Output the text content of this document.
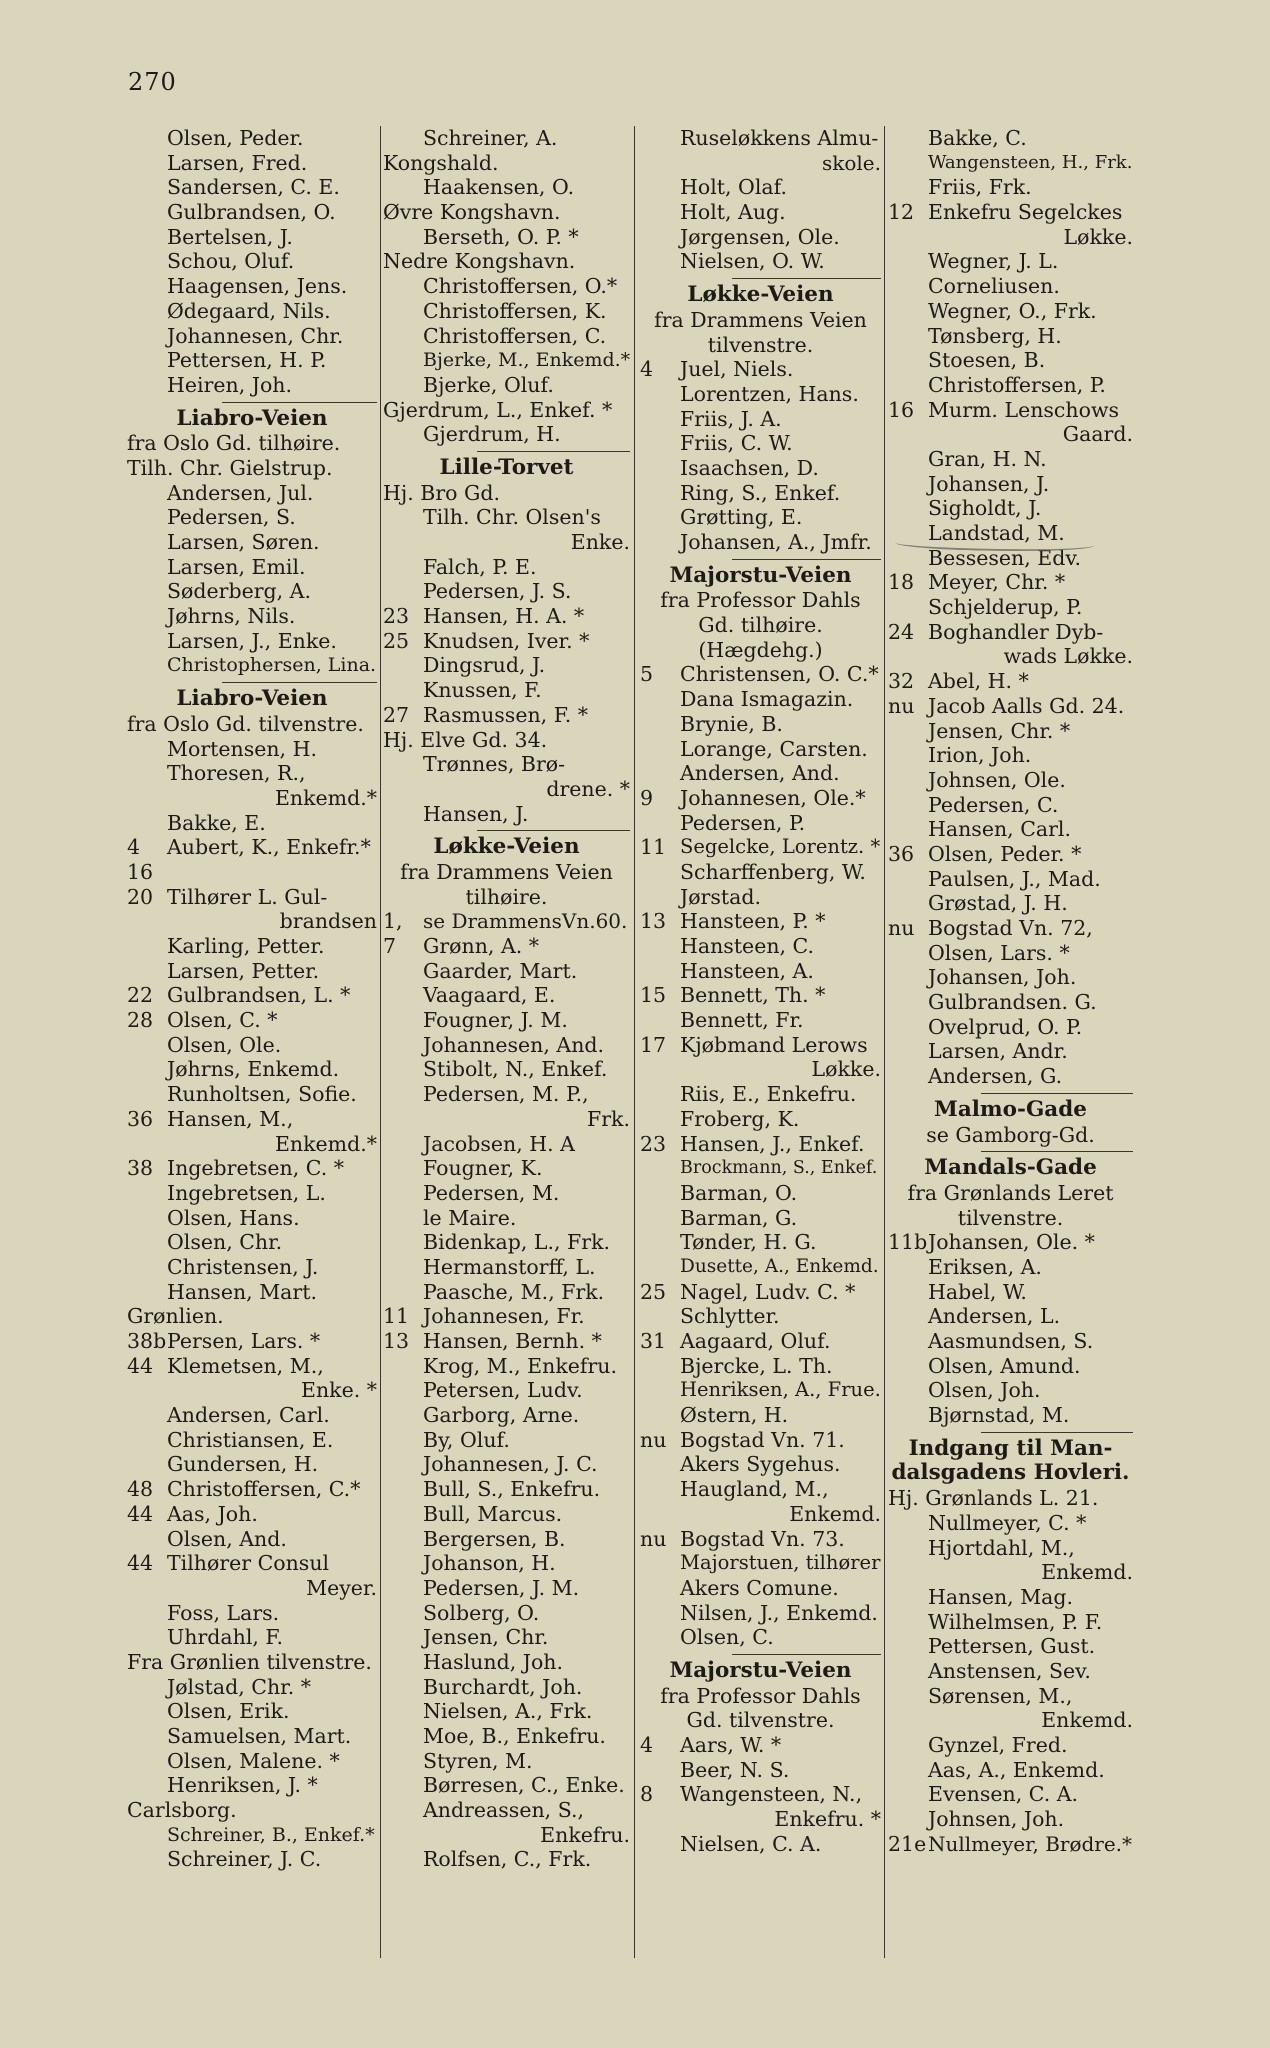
270
Olsen, Peder.
Larsen, Fred.
Sandersen, C. E.
Gulbrandsen, O.
Bertelsen, J.
Schou, Oluf.
Haagensen, Jens.
Ødegaard, Nils.
Johannesen, Chr.
Pettersen, H. P.
Heiren, Joh.
Liabro-Veien
fra Oslo Gd. tilhøire.
Tilh. Chr. Gielstrup.
Andersen, Jul.
Pedersen, S.
Larsen, Søren.
Larsen, Emil.
Søderberg, A.
Jøhrns, Nils.
Larsen, J., Enke.
Christophersen, Lina.
Liabro-Veien
fra Oslo Gd. tilvenstre.
Mortensen, H.
Thoresen, R.,
Enkemd.*
Bakke, E.
4 Aubert, K., Enkefr.*
16
20 Tilhører L. Gul-
brandsen
Karling, Petter.
Larsen, Petter.
22 Gulbrandsen, L. *
28 Olsen, C. *
Olsen, Ole.
Jøhrns, Enkemd.
Runholtsen, Sofie.
36 Hansen, M.,
Enkemd.*
38 Ingebretsen, C. *
Ingebretsen, L.
Olsen, Hans.
Olsen, Chr.
Christensen, J.
Hansen, Mart.
Grønlien.
38b Persen, Lars. *
44 Klemetsen, M.,
Enke. *
Andersen, Carl.
Christiansen, E.
Gundersen, H.
48 Christoffersen, C.*
44 Aas, Joh.
Olsen, And.
44 Tilhører Consul
Meyer.
Foss, Lars.
Uhrdahl, F.
Fra Grønlien tilvenstre.
Jølstad, Chr. *
Olsen, Erik.
Samuelsen, Mart.
Olsen, Malene. *
Henriksen, J. *
Carlsborg.
Schreiner, B., Enkef.*
Schreiner, J. C.
Schreiner, A.
Kongshald.
Haakensen, O.
Øvre Kongshavn.
Berseth, O. P. *
Nedre Kongshavn.
Christoffersen, O.*
Christoffersen, K.
Christoffersen, C.
Bjerke, M., Enkemd.*
Bjerke, Oluf.
Gjerdrum, L., Enkef. *
Gjerdrum, H.
Lille-Torvet
Hj. Bro Gd.
Tilh. Chr. Olsen's
Enke.
Falch, P. E.
Pedersen, J. S.
23 Hansen, H. A. *
25 Knudsen, Iver. *
Dingsrud, J.
Knussen, F.
27 Rasmussen, F. *
Hj. Elve Gd. 34.
Trønnes, Brø-
drene. *
Hansen, J.
Løkke-Veien
fra Drammens Veien
tilhøire.
1, se DrammensVn.60.
7 Grønn, A. *
Gaarder, Mart.
Vaagaard, E.
Fougner, J. M.
Johannesen, And.
Stibolt, N., Enkef.
Pedersen, M. P.,
Frk.
Jacobsen, H. A
Fougner, K.
Pedersen, M.
le Maire.
Bidenkap, L., Frk.
Hermanstorff, L.
Paasche, M., Frk.
11 Johannesen, Fr.
13 Hansen, Bernh. *
Krog, M., Enkefru.
Petersen, Ludv.
Garborg, Arne.
By, Oluf.
Johannesen, J. C.
Bull, S., Enkefru.
Bull, Marcus.
Bergersen, B.
Johanson, H.
Pedersen, J. M.
Solberg, O.
Jensen, Chr.
Haslund, Joh.
Burchardt, Joh.
Nielsen, A., Frk.
Moe, B., Enkefru.
Styren, M.
Børresen, C., Enke.
Andreassen, S.,
Enkefru.
Rolfsen, C., Frk.
Ruseløkkens Almu-
skole.
Holt, Olaf.
Holt, Aug.
Jørgensen, Ole.
Nielsen, O. W.
Løkke-Veien
fra Drammens Veien
tilvenstre.
4 Juel, Niels.
Lorentzen, Hans.
Friis, J. A.
Friis, C. W.
Isaachsen, D.
Ring, S., Enkef.
Grøtting, E.
Johansen, A., Jmfr.
Majorstu-Veien
fra Professor Dahls
Gd. tilhøire.
(Hægdehg.)
5 Christensen, O. C.*
Dana Ismagazin.
Brynie, B.
Lorange, Carsten.
Andersen, And.
9 Johannesen, Ole.*
Pedersen, P.
11 Segelcke, Lorentz. *
Scharffenberg, W.
Jørstad.
13 Hansteen, P. *
Hansteen, C.
Hansteen, A.
15 Bennett, Th. *
Bennett, Fr.
17 Kjøbmand Lerows
Løkke.
Riis, E., Enkefru.
Froberg, K.
23 Hansen, J., Enkef.
Brockmann, S., Enkef.
Barman, O.
Barman, G.
Tønder, H. G.
Dusette, A., Enkemd.
25 Nagel, Ludv. C. *
Schlytter.
31 Aagaard, Oluf.
Bjercke, L. Th.
Henriksen, A., Frue.
Østern, H.
nu Bogstad Vn. 71.
Akers Sygehus.
Haugland, M.,
Enkemd.
nu Bogstad Vn. 73.
Majorstuen, tilhører
Akers Comune.
Nilsen, J., Enkemd.
Olsen, C.
Majorstu-Veien
fra Professor Dahls
Gd. tilvenstre.
4 Aars, W. *
Beer, N. S.
8 Wangensteen, N.,
Enkefru. *
Nielsen, C. A.
Bakke, C.
Wangensteen, H., Frk.
Friis, Frk.
12 Enkefru Segelckes
Løkke.
Wegner, J. L.
Corneliusen.
Wegner, O., Frk.
Tønsberg, H.
Stoesen, B.
Christoffersen, P.
16 Murm. Lenschows
Gaard.
Gran, H. N.
Johansen, J.
Sigholdt, J.
Landstad, M.
Bessesen, Edv.
18 Meyer, Chr. *
Schjelderup, P.
24 Boghandler Dyb-
wads Løkke.
32 Abel, H. *
nu Jacob Aalls Gd. 24.
Jensen, Chr. *
Irion, Joh.
Johnsen, Ole.
Pedersen, C.
Hansen, Carl.
36 Olsen, Peder. *
Paulsen, J., Mad.
Grøstad, J. H.
nu Bogstad Vn. 72,
Olsen, Lars. *
Johansen, Joh.
Gulbrandsen. G.
Ovelprud, O. P.
Larsen, Andr.
Andersen, G.
Malmo-Gade
se Gamborg-Gd.
Mandals-Gade
fra Grønlands Leret
tilvenstre.
11b Johansen, Ole. *
Eriksen, A.
Habel, W.
Andersen, L.
Aasmundsen, S.
Olsen, Amund.
Olsen, Joh.
Bjørnstad, M.
Indgang til Man-
dalsgadens Hovleri.
Hj. Grønlands L. 21.
Nullmeyer, C. *
Hjortdahl, M.,
Enkemd.
Hansen, Mag.
Wilhelmsen, P. F.
Pettersen, Gust.
Anstensen, Sev.
Sørensen, M.,
Enkemd.
Gynzel, Fred.
Aas, A., Enkemd.
Evensen, C. A.
Johnsen, Joh.
21e Nullmeyer, Brødre.*
